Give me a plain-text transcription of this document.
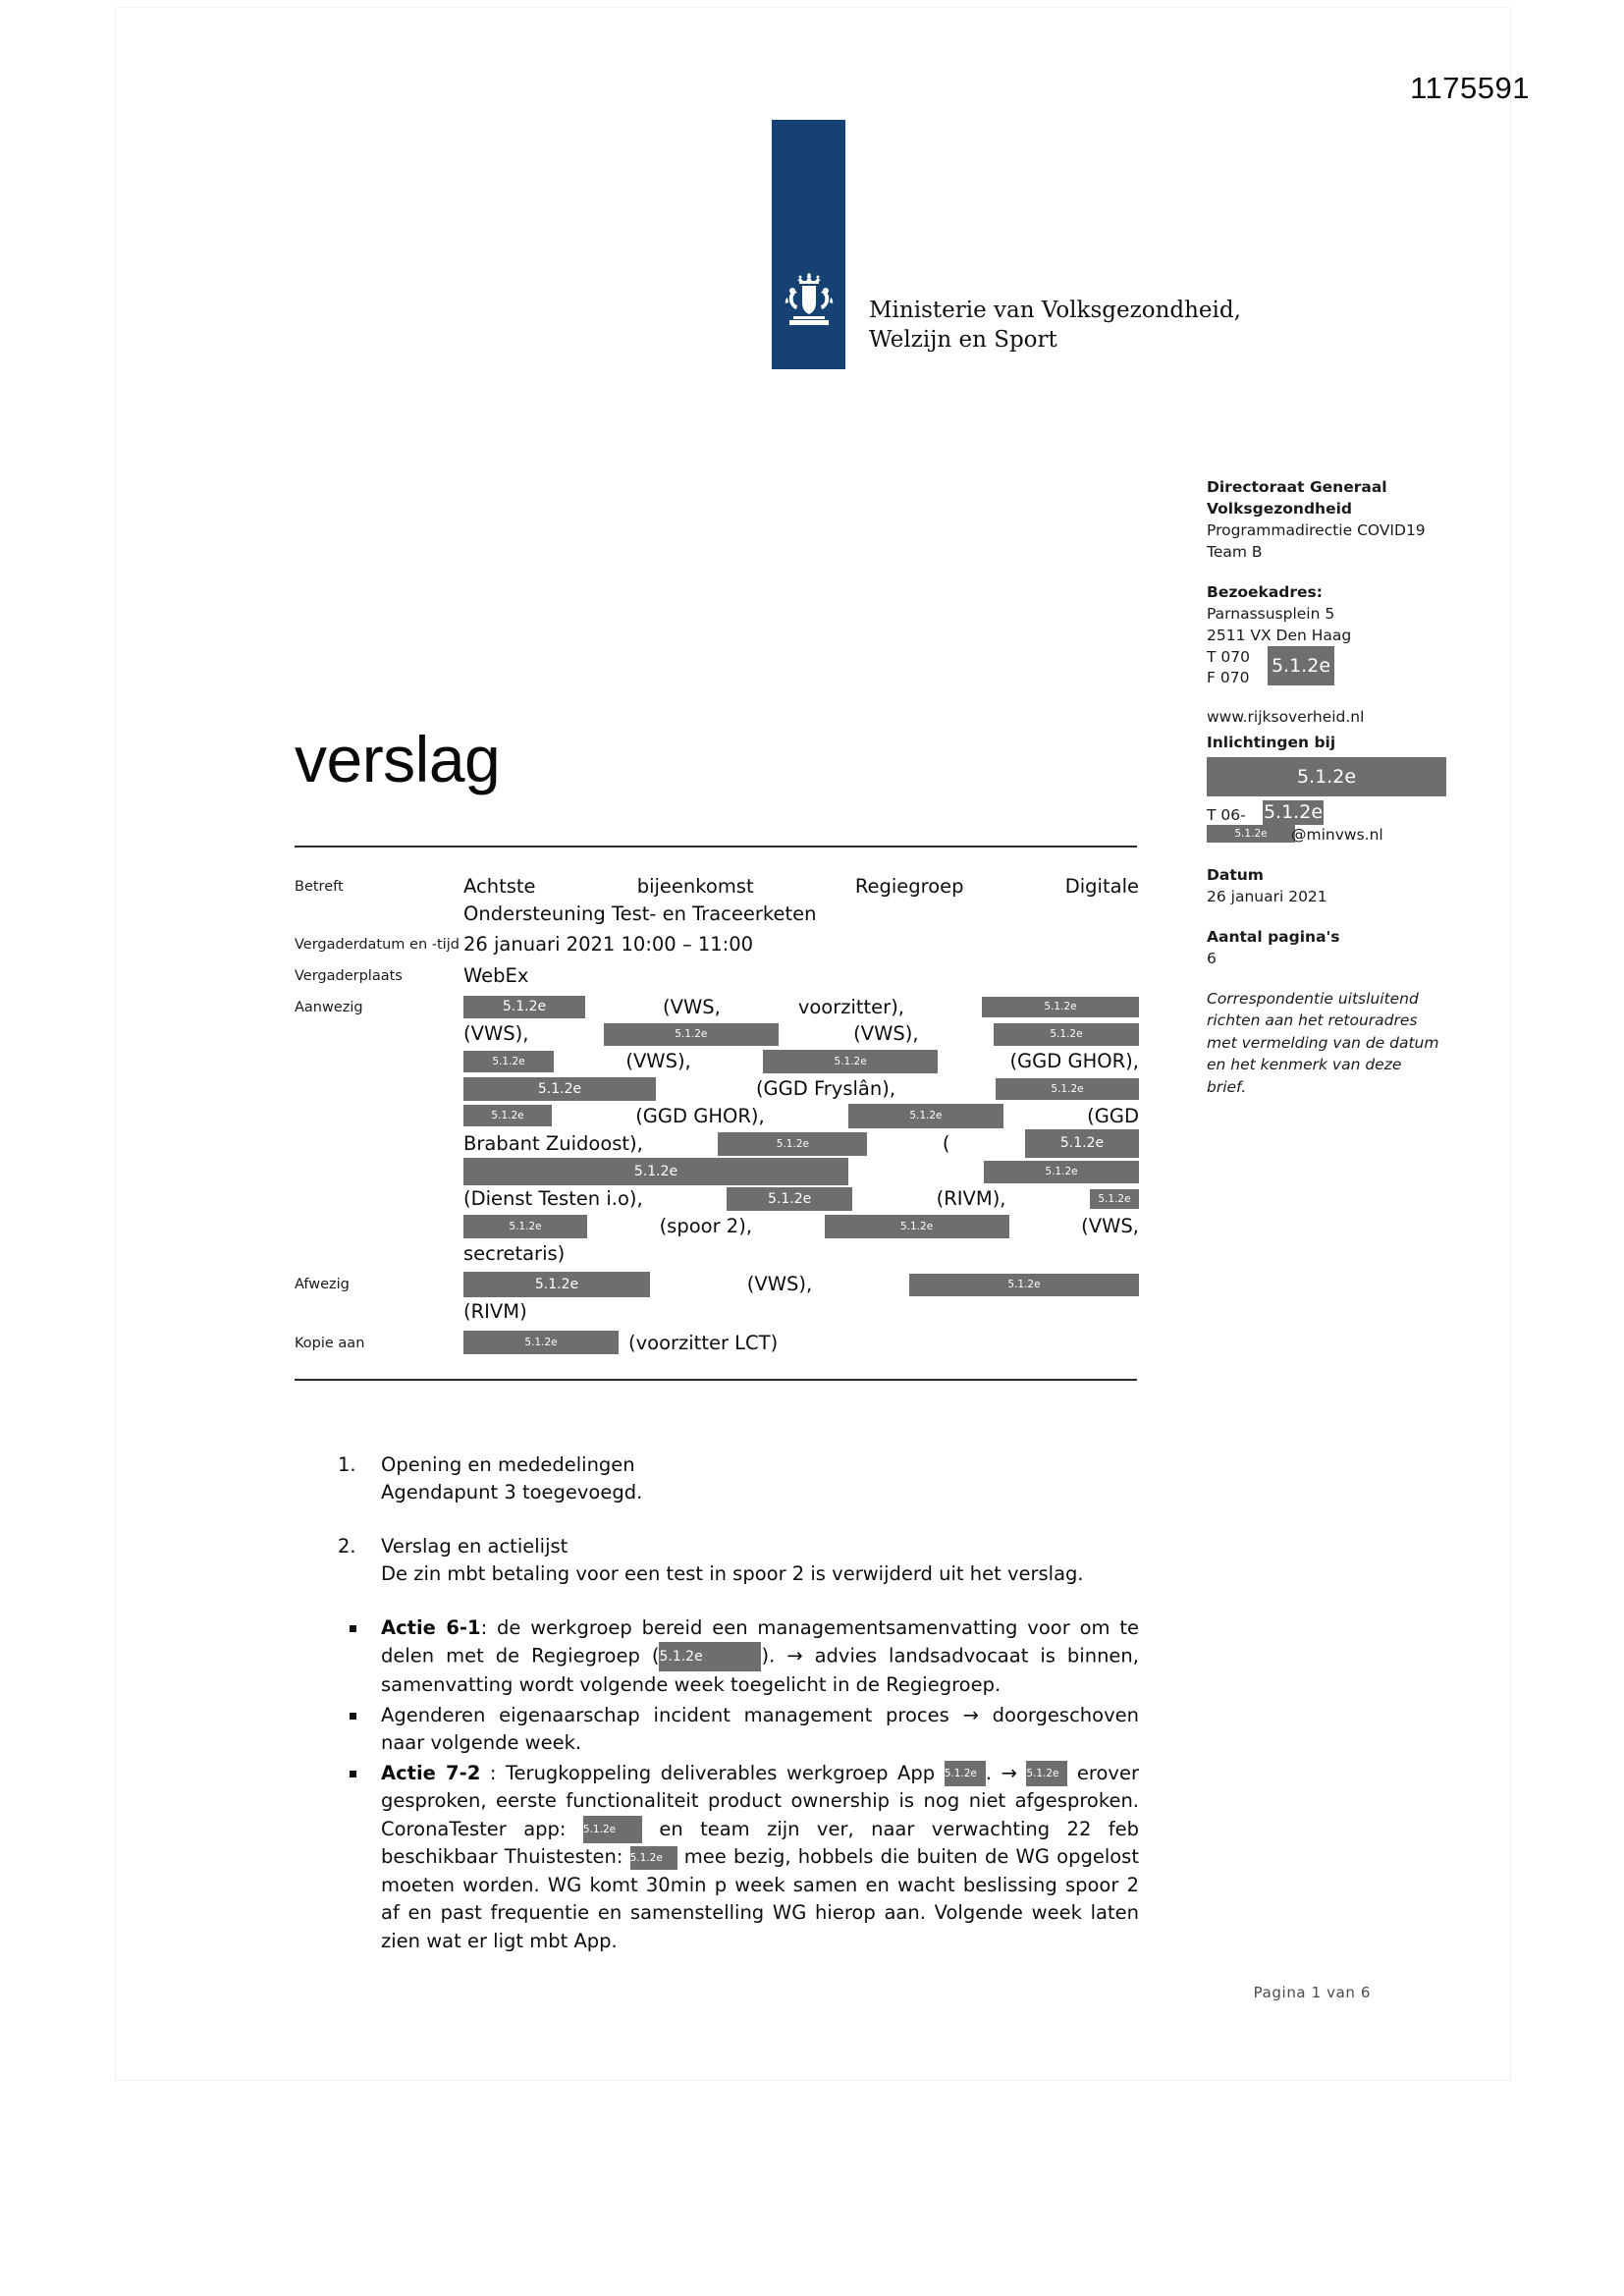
1175591
Ministerie van Volksgezondheid,
Welzijn en Sport
Directoraat Generaal
Volksgezondheid
Programmadirectie COVID19
Team B
Bezoekadres:
Parnassusplein 5
2511 VX Den Haag
T 070
F 070
5.1.2e
www.rijksoverheid.nl
Inlichtingen bij
5.1.2e
T 06- 5.1.2e
5.1.2e	@minvws.nl
Datum
26 januari 2021
Aantal pagina's
6
Correspondentie uitsluitend
richten aan het retouradres
met vermelding van de datum
en het kenmerk van deze
brief.
verslag
Betreft	Achtste	bijeenkomst	Regiegroep	Digitale
Ondersteuning Test- en Traceerketen
Vergaderdatum en -tijd 26 januari 2021 10:00 – 11:00
Vergaderplaats	WebEx
Aanwezig	5.1.2e	(VWS,	voorzitter),	5.1.2e
(VWS),	5.1.2e	(VWS),	5.1.2e
5.1.2e	(VWS),	5.1.2e	(GGD GHOR),
5.1.2e	(GGD Fryslân),	5.1.2e
5.1.2e	(GGD GHOR),	5.1.2e	(GGD
Brabant Zuidoost),	5.1.2e	(	5.1.2e
5.1.2e	5.1.2e
(Dienst Testen i.o),	5.1.2e	(RIVM),	5.1.2e
5.1.2e	(spoor 2),	5.1.2e	(VWS,
secretaris)
Afwezig	5.1.2e	(VWS),	5.1.2e
(RIVM)
Kopie aan	5.1.2e	(voorzitter LCT)
1. Opening en mededelingen
Agendapunt 3 toegevoegd.
2. Verslag en actielijst
De zin mbt betaling voor een test in spoor 2 is verwijderd uit het verslag.
Actie 6-1: de werkgroep bereid een managementsamenvatting voor om te delen met de Regiegroep (5.1.2e	). → advies landsadvocaat is binnen, samenvatting wordt volgende week toegelicht in de Regiegroep.
Agenderen eigenaarschap incident management proces → doorgeschoven naar volgende week.
Actie 7-2 : Terugkoppeling deliverables werkgroep App 5.1.2e . → 5.1.2e erover gesproken, eerste functionaliteit product ownership is nog niet afgesproken. CoronaTester app: 5.1.2e en team zijn ver, naar verwachting 22 feb beschikbaar Thuistesten: 5.1.2e mee bezig, hobbels die buiten de WG opgelost moeten worden. WG komt 30min p week samen en wacht beslissing spoor 2 af en past frequentie en samenstelling WG hierop aan. Volgende week laten zien wat er ligt mbt App.
Pagina 1 van 6
